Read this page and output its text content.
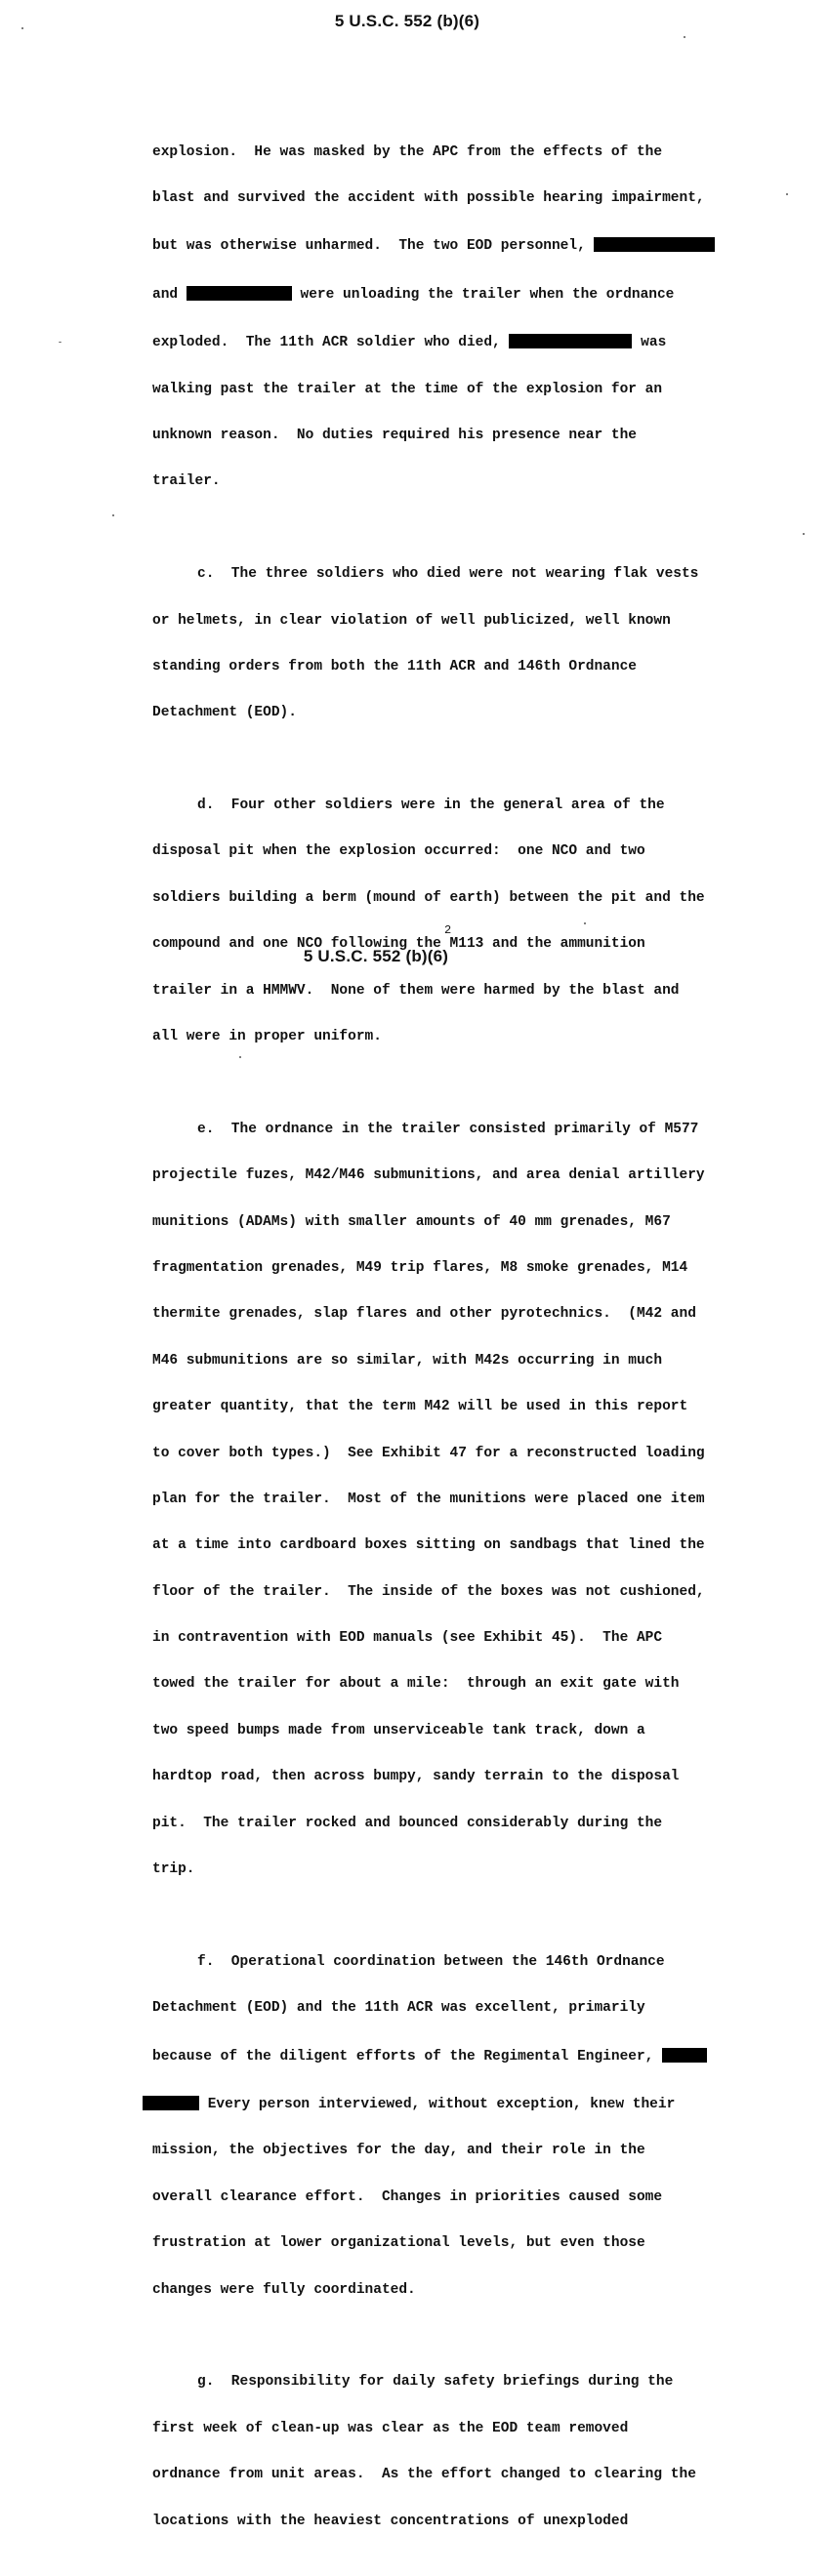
5 U.S.C. 552 (b)(6)

explosion.  He was masked by the APC from the effects of the

blast and survived the accident with possible hearing impairment,

but was otherwise unharmed.  The two EOD personnel,

and	were unloading the trailer when the ordnance

exploded.  The 11th ACR soldier who died,	was

walking past the trailer at the time of the explosion for an

unknown reason.  No duties required his presence near the

trailer.

c.  The three soldiers who died were not wearing flak vests

or helmets, in clear violation of well publicized, well known

standing orders from both the 11th ACR and 146th Ordnance

Detachment (EOD).

d.  Four other soldiers were in the general area of the

disposal pit when the explosion occurred:  one NCO and two

soldiers building a berm (mound of earth) between the pit and the

compound and one NCO following the M113 and the ammunition

trailer in a HMMWV.  None of them were harmed by the blast and

all were in proper uniform.

e.  The ordnance in the trailer consisted primarily of M577

projectile fuzes, M42/M46 submunitions, and area denial artillery

munitions (ADAMs) with smaller amounts of 40 mm grenades, M67

fragmentation grenades, M49 trip flares, M8 smoke grenades, M14

thermite grenades, slap flares and other pyrotechnics.  (M42 and

M46 submunitions are so similar, with M42s occurring in much

greater quantity, that the term M42 will be used in this report

to cover both types.)  See Exhibit 47 for a reconstructed loading

plan for the trailer.  Most of the munitions were placed one item

at a time into cardboard boxes sitting on sandbags that lined the

floor of the trailer.  The inside of the boxes was not cushioned,

in contravention with EOD manuals (see Exhibit 45).  The APC

towed the trailer for about a mile:  through an exit gate with

two speed bumps made from unserviceable tank track, down a

hardtop road, then across bumpy, sandy terrain to the disposal

pit.  The trailer rocked and bounced considerably during the

trip.

f.  Operational coordination between the 146th Ordnance

Detachment (EOD) and the 11th ACR was excellent, primarily

because of the diligent efforts of the Regimental Engineer,

Every person interviewed, without exception, knew their

mission, the objectives for the day, and their role in the

overall clearance effort.  Changes in priorities caused some

frustration at lower organizational levels, but even those

changes were fully coordinated.

g.  Responsibility for daily safety briefings during the

first week of clean-up was clear as the EOD team removed

ordnance from unit areas.  As the effort changed to clearing the

locations with the heaviest concentrations of unexploded

2
5 U.S.C. 552 (b)(6)
